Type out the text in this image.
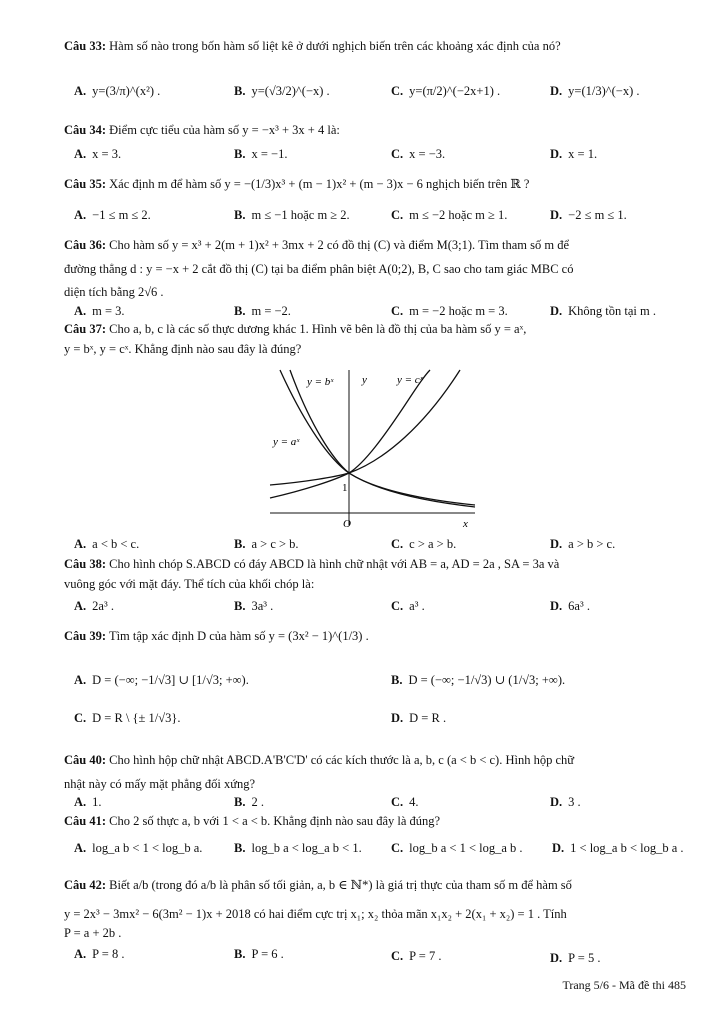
Câu 33: Hàm số nào trong bốn hàm số liệt kê ở dưới nghịch biến trên các khoảng xác định của nó?
A. y=(3/π)^(x²) .	B. y=(√3/2)^(−x) .	C. y=(π/2)^(−2x+1) .	D. y=(1/3)^(−x) .
Câu 34: Điểm cực tiểu của hàm số y = −x³ + 3x + 4 là:
A. x = 3.	B. x = −1.	C. x = −3.	D. x = 1.
Câu 35: Xác định m để hàm số y = −(1/3)x³ + (m − 1)x² + (m − 3)x − 6 nghịch biến trên ℝ ?
A. −1 ≤ m ≤ 2.	B. m ≤ −1 hoặc m ≥ 2.	C. m ≤ −2 hoặc m ≥ 1.	D. −2 ≤ m ≤ 1.
Câu 36: Cho hàm số y = x³ + 2(m + 1)x² + 3mx + 2 có đồ thị (C) và điểm M(3;1). Tìm tham số m để
đường thẳng d : y = −x + 2 cắt đồ thị (C) tại ba điểm phân biệt A(0;2), B, C sao cho tam giác MBC có
diện tích bằng 2√6 .
A. m = 3.	B. m = −2.	C. m = −2 hoặc m = 3.	D. Không tồn tại m .
Câu 37: Cho a, b, c là các số thực dương khác 1. Hình vẽ bên là đồ thị của ba hàm số y = aˣ,
y = bˣ, y = cˣ. Khẳng định nào sau đây là đúng?
y = bˣ	y	y = cˣ
y = aˣ
1
O	x
A. a < b < c.	B. a > c > b.	C. c > a > b.	D. a > b > c.
Câu 38: Cho hình chóp S.ABCD có đáy ABCD là hình chữ nhật với AB = a, AD = 2a , SA = 3a và
vuông góc với mặt đáy. Thể tích của khối chóp là:
A. 2a³ .	B. 3a³ .	C. a³ .	D. 6a³ .
Câu 39: Tìm tập xác định D của hàm số y = (3x² − 1)^(1/3) .
A. D = (−∞; −1/√3] ∪ [1/√3; +∞).	B. D = (−∞; −1/√3) ∪ (1/√3; +∞).
C. D = R \ {± 1/√3}.	D. D = R .
Câu 40: Cho hình hộp chữ nhật ABCD.A'B'C'D' có các kích thước là a, b, c (a < b < c). Hình hộp chữ
nhật này có mấy mặt phẳng đối xứng?
A. 1.	B. 2 .	C. 4.	D. 3 .
Câu 41: Cho 2 số thực a, b với 1 < a < b. Khẳng định nào sau đây là đúng?
A. log_a b < 1 < log_b a.	B. log_b a < log_a b < 1. C. log_b a < 1 < log_a b . D. 1 < log_a b < log_b a .
Câu 42: Biết a/b (trong đó a/b là phân số tối giản, a, b ∈ ℕ*) là giá trị thực của tham số m để hàm số
y = 2x³ − 3mx² − 6(3m² − 1)x + 2018 có hai điểm cực trị x₁; x₂ thỏa mãn x₁x₂ + 2(x₁ + x₂) = 1 . Tính
P = a + 2b .
A. P = 8 .	B. P = 6 .	C. P = 7 .	D. P = 5 .
Trang 5/6 - Mã đề thi 485
